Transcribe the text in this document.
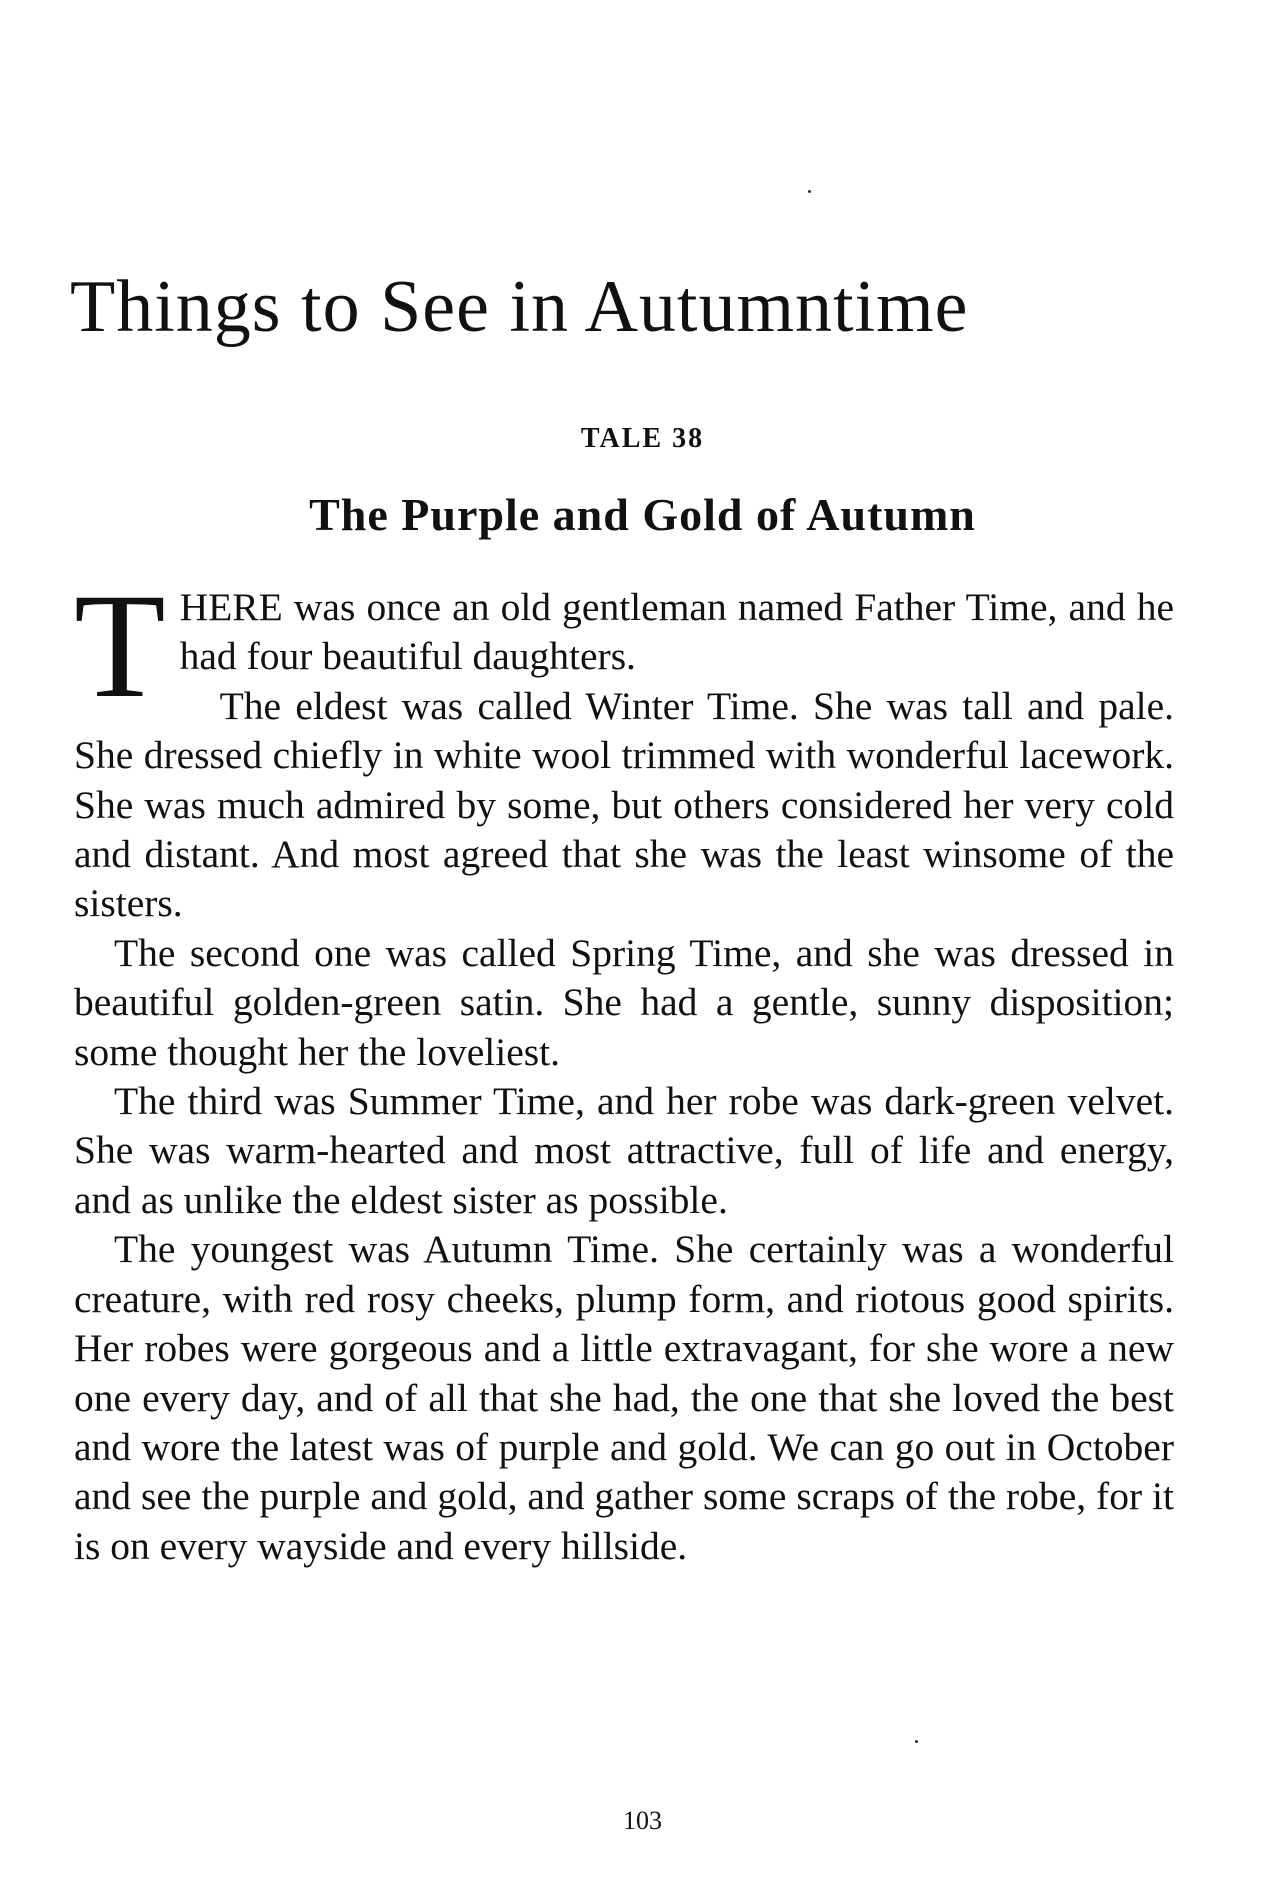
Things to See in Autumntime
TALE 38
The Purple and Gold of Autumn

THERE was once an old gentleman named Father Time, and he had four beautiful daughters.

The eldest was called Winter Time. She was tall and pale. She dressed chiefly in white wool trimmed with wonderful lacework. She was much admired by some, but others considered her very cold and distant. And most agreed that she was the least winsome of the sisters.

The second one was called Spring Time, and she was dressed in beautiful golden-green satin. She had a gentle, sunny disposition; some thought her the loveliest.

The third was Summer Time, and her robe was dark-green velvet. She was warm-hearted and most attractive, full of life and energy, and as unlike the eldest sister as possible.

The youngest was Autumn Time. She certainly was a wonderful creature, with red rosy cheeks, plump form, and riotous good spirits. Her robes were gorgeous and a little extravagant, for she wore a new one every day, and of all that she had, the one that she loved the best and wore the latest was of purple and gold. We can go out in October and see the purple and gold, and gather some scraps of the robe, for it is on every wayside and every hillside.

103
